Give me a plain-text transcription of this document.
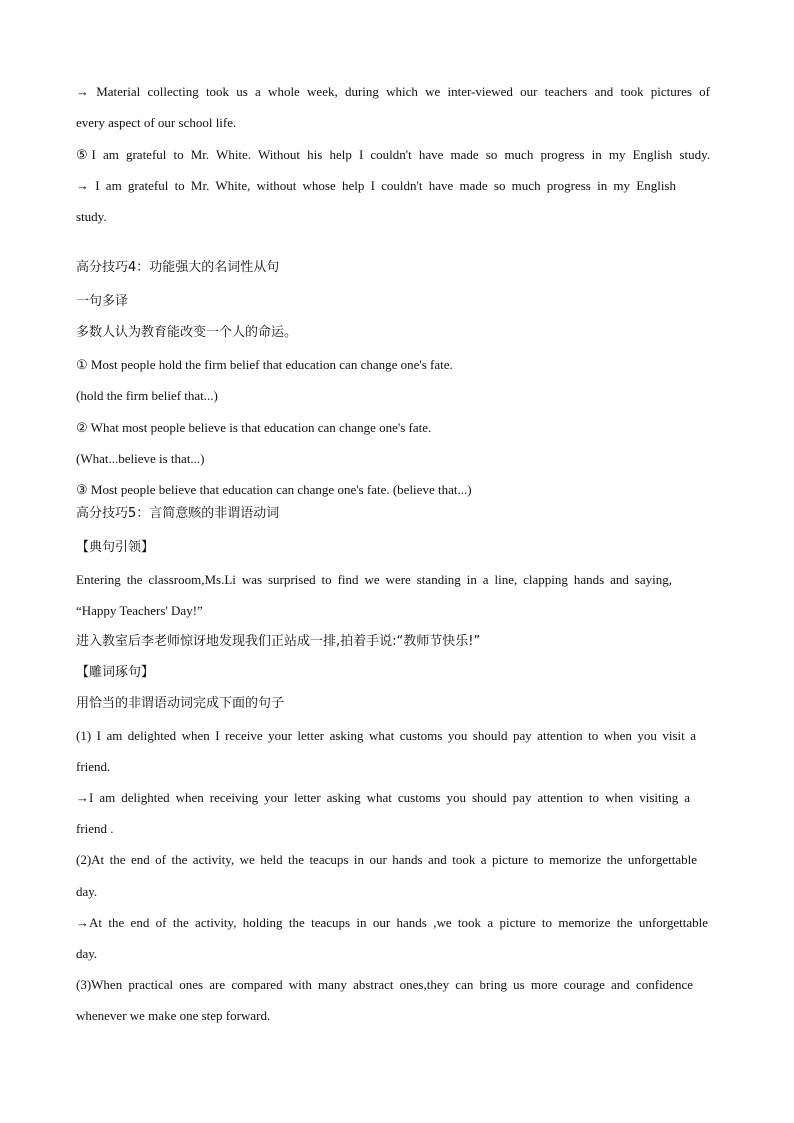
→ Material collecting took us a whole week, during which we inter-viewed our teachers and took pictures of
every aspect of our school life.
⑤I am grateful to Mr. White. Without his help I couldn't have made so much progress in my English study.
→ I am grateful to Mr. White, without whose help I couldn't have made so much progress in my English
study.
高分技巧4：功能强大的名词性从句
一句多译
多数人认为教育能改变一个人的命运。
① Most people hold the firm belief that education can change one's fate.
(hold the firm belief that...)
② What most people believe is that education can change one's fate.
(What...believe is that...)
③ Most people believe that education can change one's fate. (believe that...)
高分技巧5：言简意赅的非谓语动词
【典句引领】
Entering the classroom,Ms.Li was surprised to find we were standing in a line, clapping hands and saying,
“Happy Teachers' Day!”
进入教室后李老师惊讶地发现我们正站成一排,拍着手说:“教师节快乐!”
【雕词琢句】
用恰当的非谓语动词完成下面的句子
(1) I am delighted when I receive your letter asking what customs you should pay attention to when you visit a
friend.
→I am delighted when receiving your letter asking what customs you should pay attention to when visiting a
friend .
(2)At the end of the activity, we held the teacups in our hands and took a picture to memorize the unforgettable
day.
→At the end of the activity, holding the teacups in our hands ,we took a picture to memorize the unforgettable
day.
(3)When practical ones are compared with many abstract ones,they can bring us more courage and confidence
whenever we make one step forward.
